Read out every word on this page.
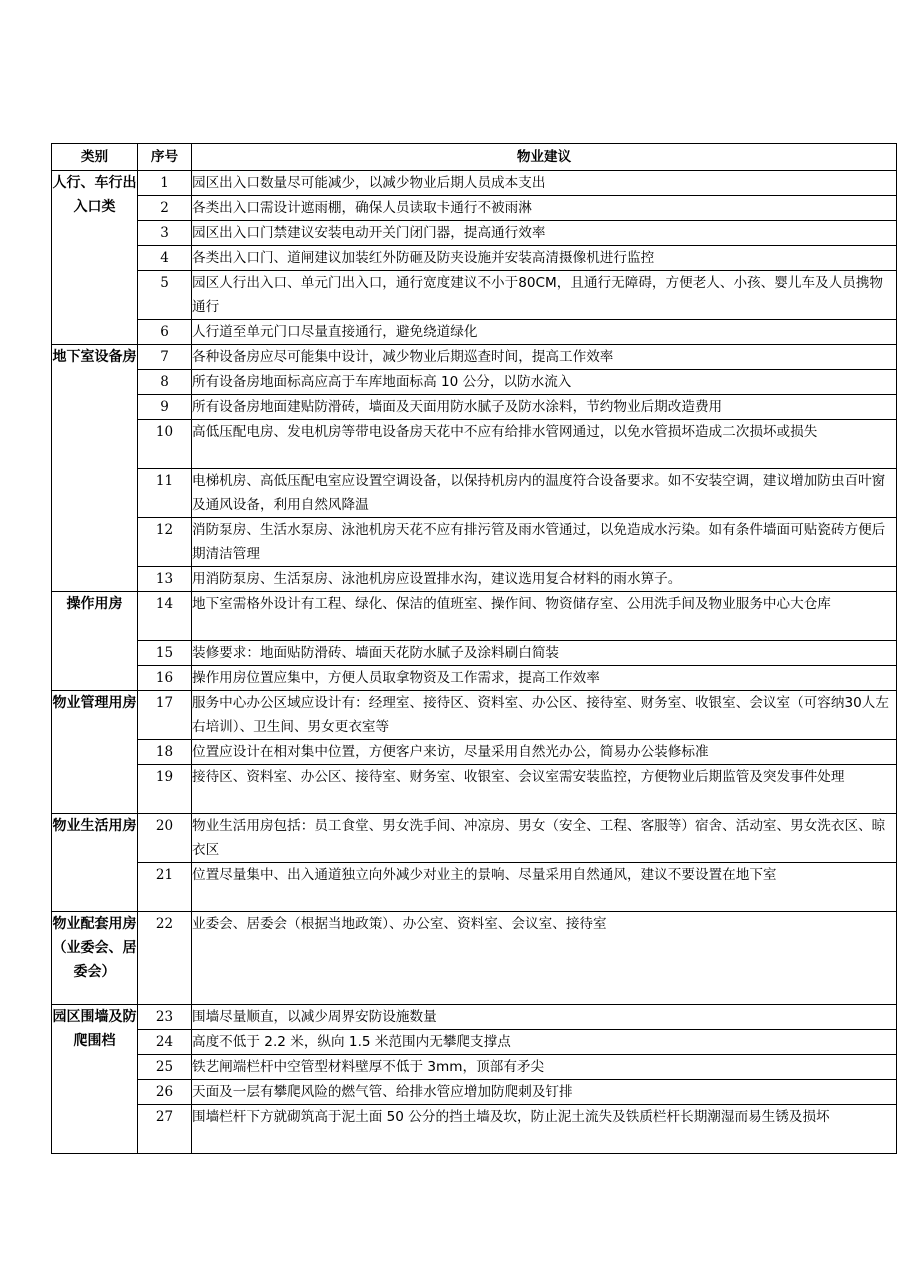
类别	序号	物业建议
人行、车行出入口类	1	园区出入口数量尽可能减少，以减少物业后期人员成本支出
	2	各类出入口需设计遮雨棚，确保人员读取卡通行不被雨淋
	3	园区出入口门禁建议安装电动开关门闭门器，提高通行效率
	4	各类出入口门、道闸建议加装红外防砸及防夹设施并安装高清摄像机进行监控
	5	园区人行出入口、单元门出入口，通行宽度建议不小于80CM，且通行无障碍，方便老人、小孩、婴儿车及人员携物通行
	6	人行道至单元门口尽量直接通行，避免绕道绿化
地下室设备房	7	各种设备房应尽可能集中设计，减少物业后期巡查时间，提高工作效率
	8	所有设备房地面标高应高于车库地面标高 10 公分，以防水流入
	9	所有设备房地面建贴防滑砖，墙面及天面用防水腻子及防水涂料，节约物业后期改造费用
	10	高低压配电房、发电机房等带电设备房天花中不应有给排水管网通过，以免水管损坏造成二次损坏或损失
	11	电梯机房、高低压配电室应设置空调设备，以保持机房内的温度符合设备要求。如不安装空调，建议增加防虫百叶窗及通风设备，利用自然风降温
	12	消防泵房、生活水泵房、泳池机房天花不应有排污管及雨水管通过，以免造成水污染。如有条件墙面可贴瓷砖方便后期清洁管理
	13	用消防泵房、生活泵房、泳池机房应设置排水沟，建议选用复合材料的雨水箅子。
操作用房	14	地下室需格外设计有工程、绿化、保洁的值班室、操作间、物资储存室、公用洗手间及物业服务中心大仓库
	15	装修要求：地面贴防滑砖、墙面天花防水腻子及涂料刷白简装
	16	操作用房位置应集中，方便人员取拿物资及工作需求，提高工作效率
物业管理用房	17	服务中心办公区域应设计有：经理室、接待区、资料室、办公区、接待室、财务室、收银室、会议室（可容纳30人左右培训）、卫生间、男女更衣室等
	18	位置应设计在相对集中位置，方便客户来访，尽量采用自然光办公，简易办公装修标准
	19	接待区、资料室、办公区、接待室、财务室、收银室、会议室需安装监控，方便物业后期监管及突发事件处理
物业生活用房	20	物业生活用房包括：员工食堂、男女洗手间、冲凉房、男女（安全、工程、客服等）宿舍、活动室、男女洗衣区、晾衣区
	21	位置尽量集中、出入通道独立向外减少对业主的景响、尽量采用自然通风，建议不要设置在地下室
物业配套用房（业委会、居委会）	22	业委会、居委会（根据当地政策）、办公室、资料室、会议室、接待室
园区围墙及防爬围档	23	围墙尽量顺直，以减少周界安防设施数量
	24	高度不低于 2.2 米，纵向 1.5 米范围内无攀爬支撑点
	25	铁艺闸端栏杆中空管型材料壁厚不低于 3mm，顶部有矛尖
	26	天面及一层有攀爬风险的燃气管、给排水管应增加防爬刺及钉排
	27	围墙栏杆下方就砌筑高于泥土面 50 公分的挡土墙及坎，防止泥土流失及铁质栏杆长期潮湿而易生锈及损坏
